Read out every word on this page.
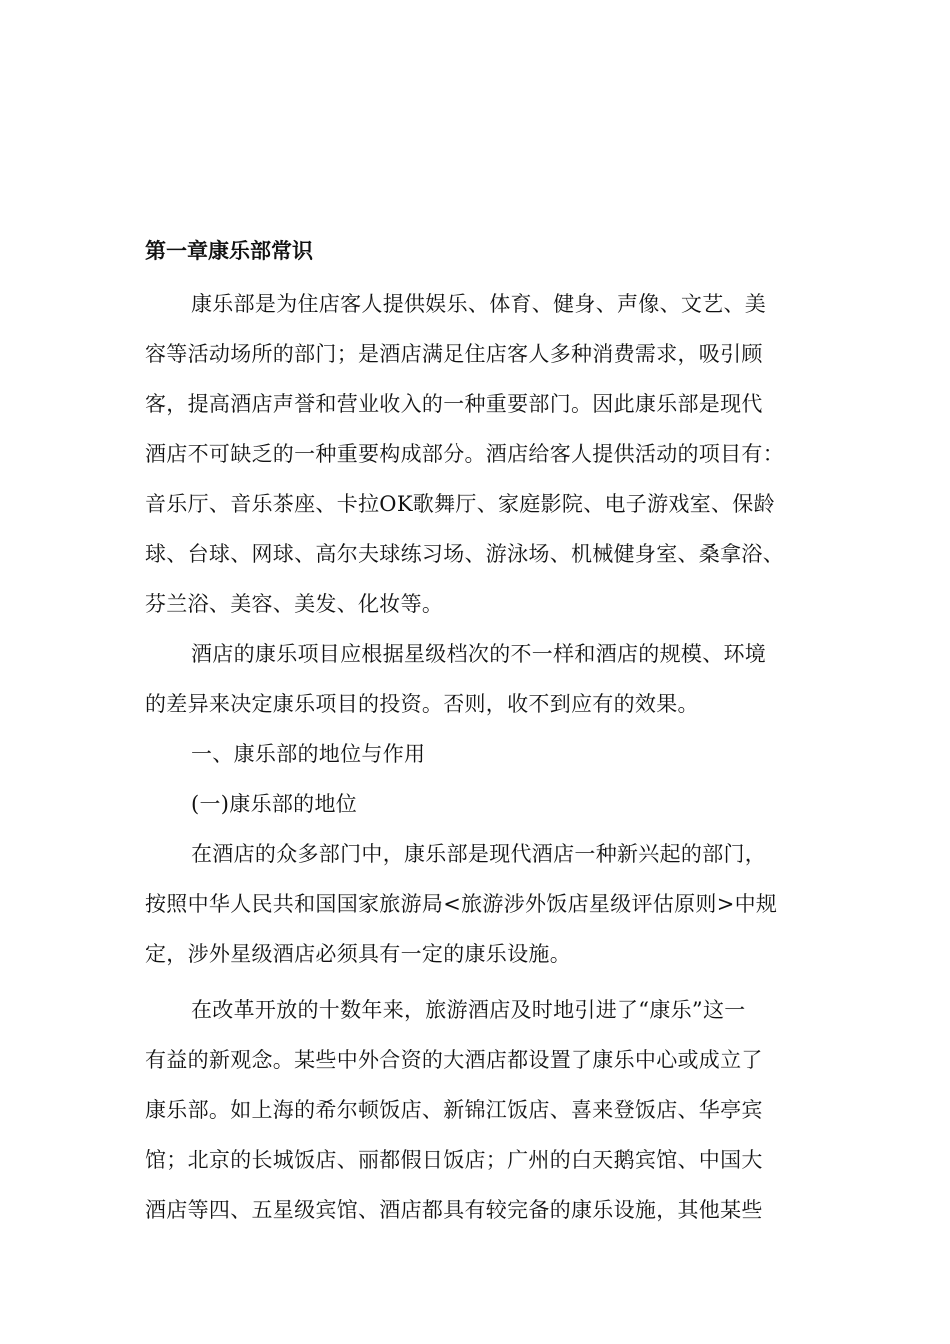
第一章康乐部常识
康乐部是为住店客人提供娱乐、体育、健身、声像、文艺、美
容等活动场所的部门；是酒店满足住店客人多种消费需求，吸引顾
客，提高酒店声誉和营业收入的一种重要部门。因此康乐部是现代
酒店不可缺乏的一种重要构成部分。酒店给客人提供活动的项目有：
音乐厅、音乐茶座、卡拉OK歌舞厅、家庭影院、电子游戏室、保龄
球、台球、网球、高尔夫球练习场、游泳场、机械健身室、桑拿浴、
芬兰浴、美容、美发、化妆等。
酒店的康乐项目应根据星级档次的不一样和酒店的规模、环境
的差异来决定康乐项目的投资。否则，收不到应有的效果。
一、康乐部的地位与作用
(一)康乐部的地位
在酒店的众多部门中，康乐部是现代酒店一种新兴起的部门，
按照中华人民共和国国家旅游局<旅游涉外饭店星级评估原则>中规
定，涉外星级酒店必须具有一定的康乐设施。
在改革开放的十数年来，旅游酒店及时地引进了“康乐”这一
有益的新观念。某些中外合资的大酒店都设置了康乐中心或成立了
康乐部。如上海的希尔顿饭店、新锦江饭店、喜来登饭店、华亭宾
馆；北京的长城饭店、丽都假日饭店；广州的白天鹅宾馆、中国大
酒店等四、五星级宾馆、酒店都具有较完备的康乐设施，其他某些
